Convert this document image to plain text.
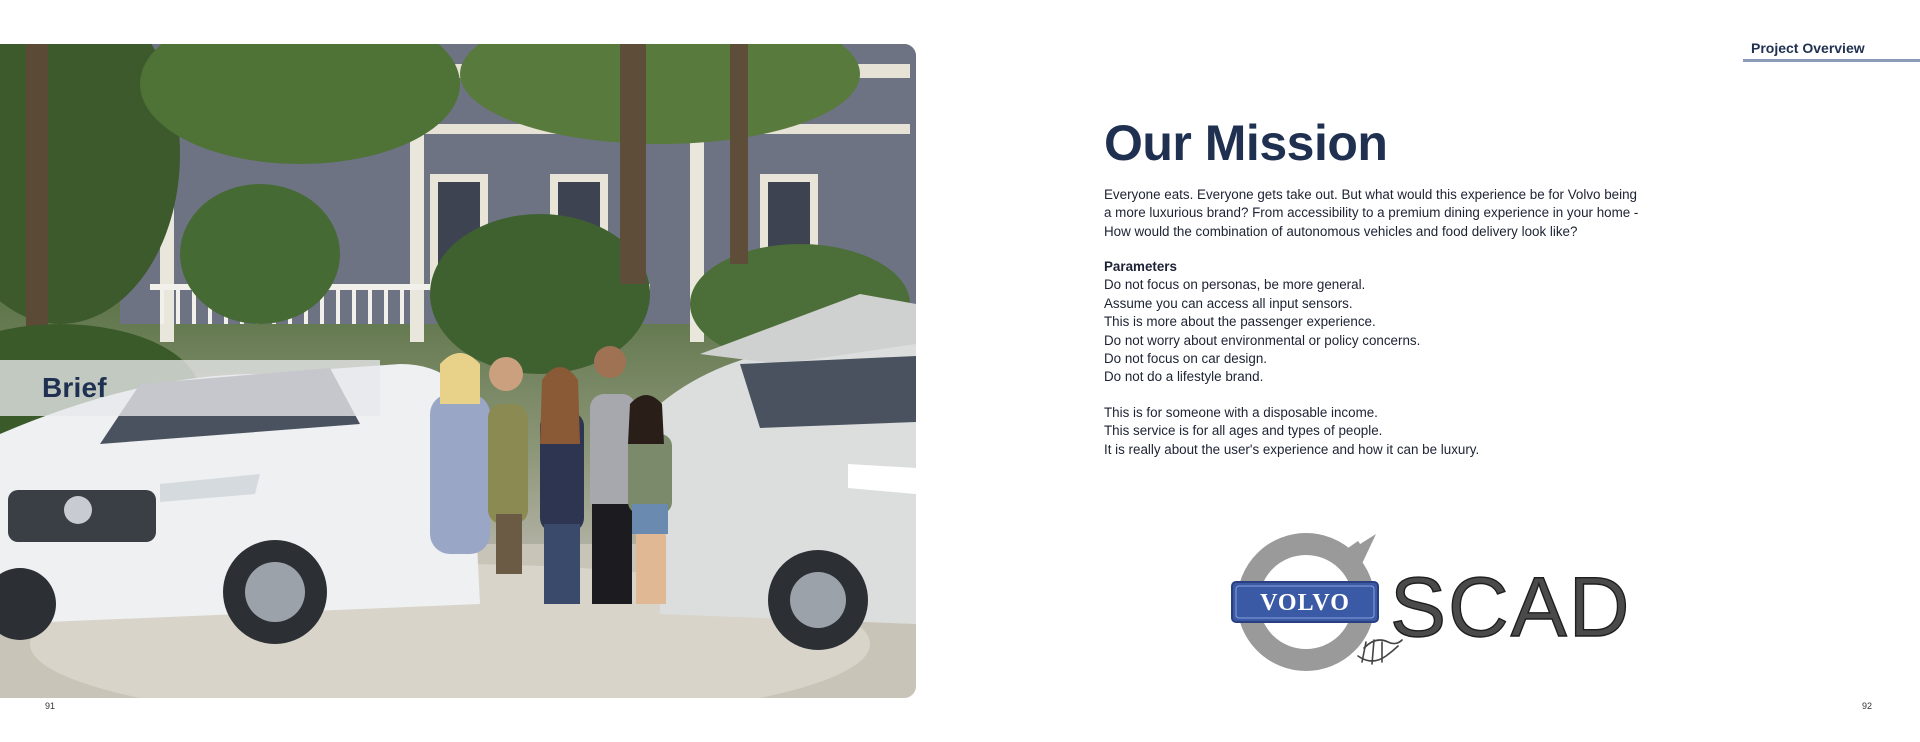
Brief
91
Project Overview
Our Mission
Everyone eats. Everyone gets take out. But what would this experience be for Volvo being
a more luxurious brand? From accessibility to a premium dining experience in your home -
How would the combination of autonomous vehicles and food delivery look like?
Parameters
Do not focus on personas, be more general.
Assume you can access all input sensors.
This is more about the passenger experience.
Do not worry about environmental or policy concerns.
Do not focus on car design.
Do not do a lifestyle brand.
This is for someone with a disposable income.
This service is for all ages and types of people.
It is really about the user's experience and how it can be luxury.
VOLVO SCAD
92
